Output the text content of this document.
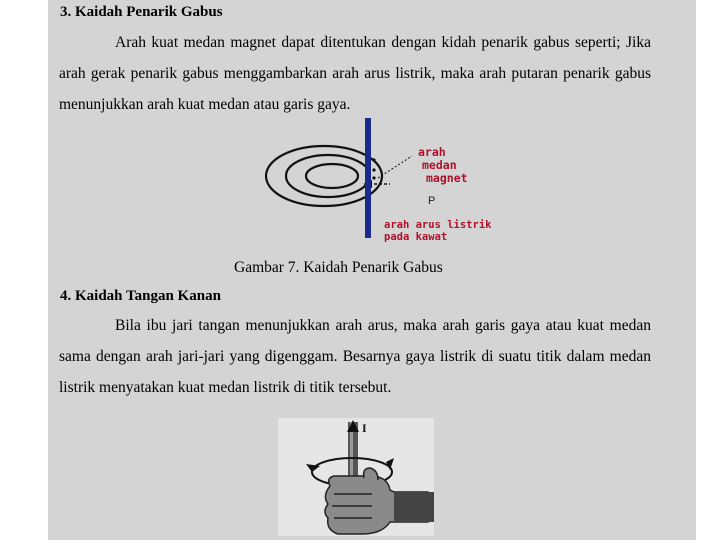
3. Kaidah Penarik Gabus
Arah kuat medan magnet dapat ditentukan dengan kidah penarik gabus seperti; Jika arah gerak penarik gabus menggambarkan arah arus listrik, maka arah putaran penarik gabus menunjukkan arah kuat medan atau garis gaya.
arah
medan
magnet
P
arah arus listrik
pada kawat
Gambar 7. Kaidah Penarik Gabus
4. Kaidah Tangan Kanan
Bila ibu jari tangan menunjukkan arah arus, maka arah garis gaya atau kuat medan sama dengan arah jari-jari yang digenggam. Besarnya gaya listrik di suatu titik dalam medan listrik menyatakan kuat medan listrik di titik tersebut.
I
